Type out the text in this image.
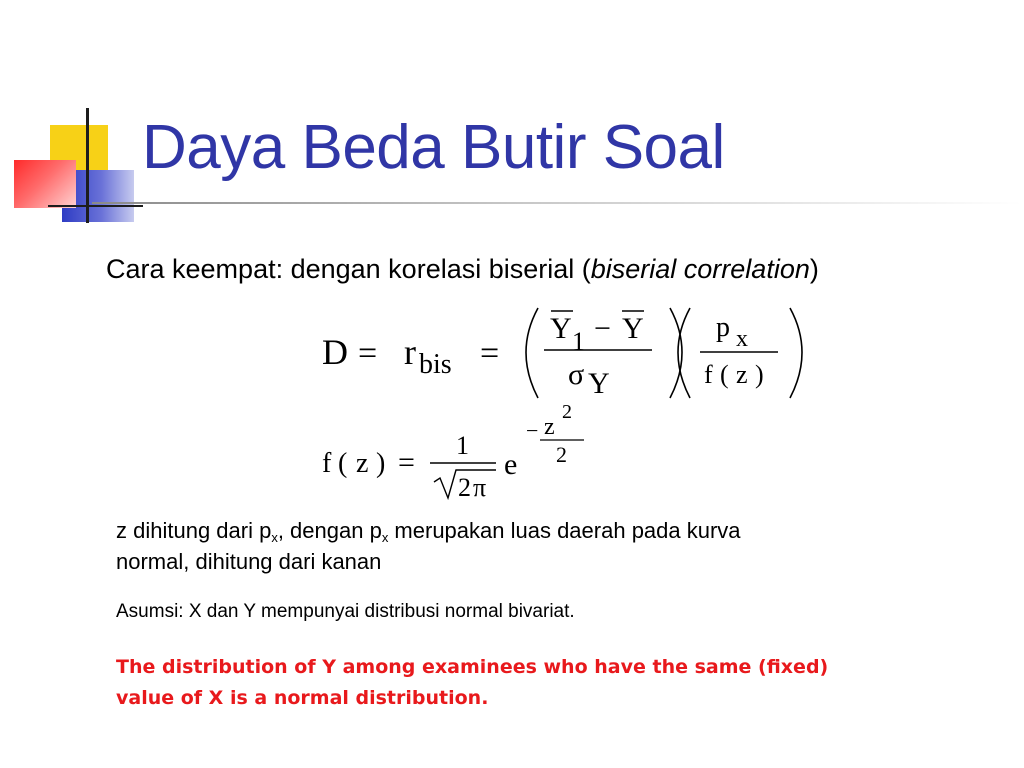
Daya Beda Butir Soal
Cara keempat: dengan korelasi biserial (biserial correlation)
D = r bis =
Y 1 − Y
σ Y
p x
f ( z )
f ( z ) =
1
2 π
e
− z
2
2
z dihitung dari $p_x$, dengan $p_x$ merupakan luas daerah pada kurva normal, dihitung dari kanan
Asumsi: X dan Y mempunyai distribusi normal bivariat.
The distribution of Y among examinees who have the same (fixed) value of X is a normal distribution.
